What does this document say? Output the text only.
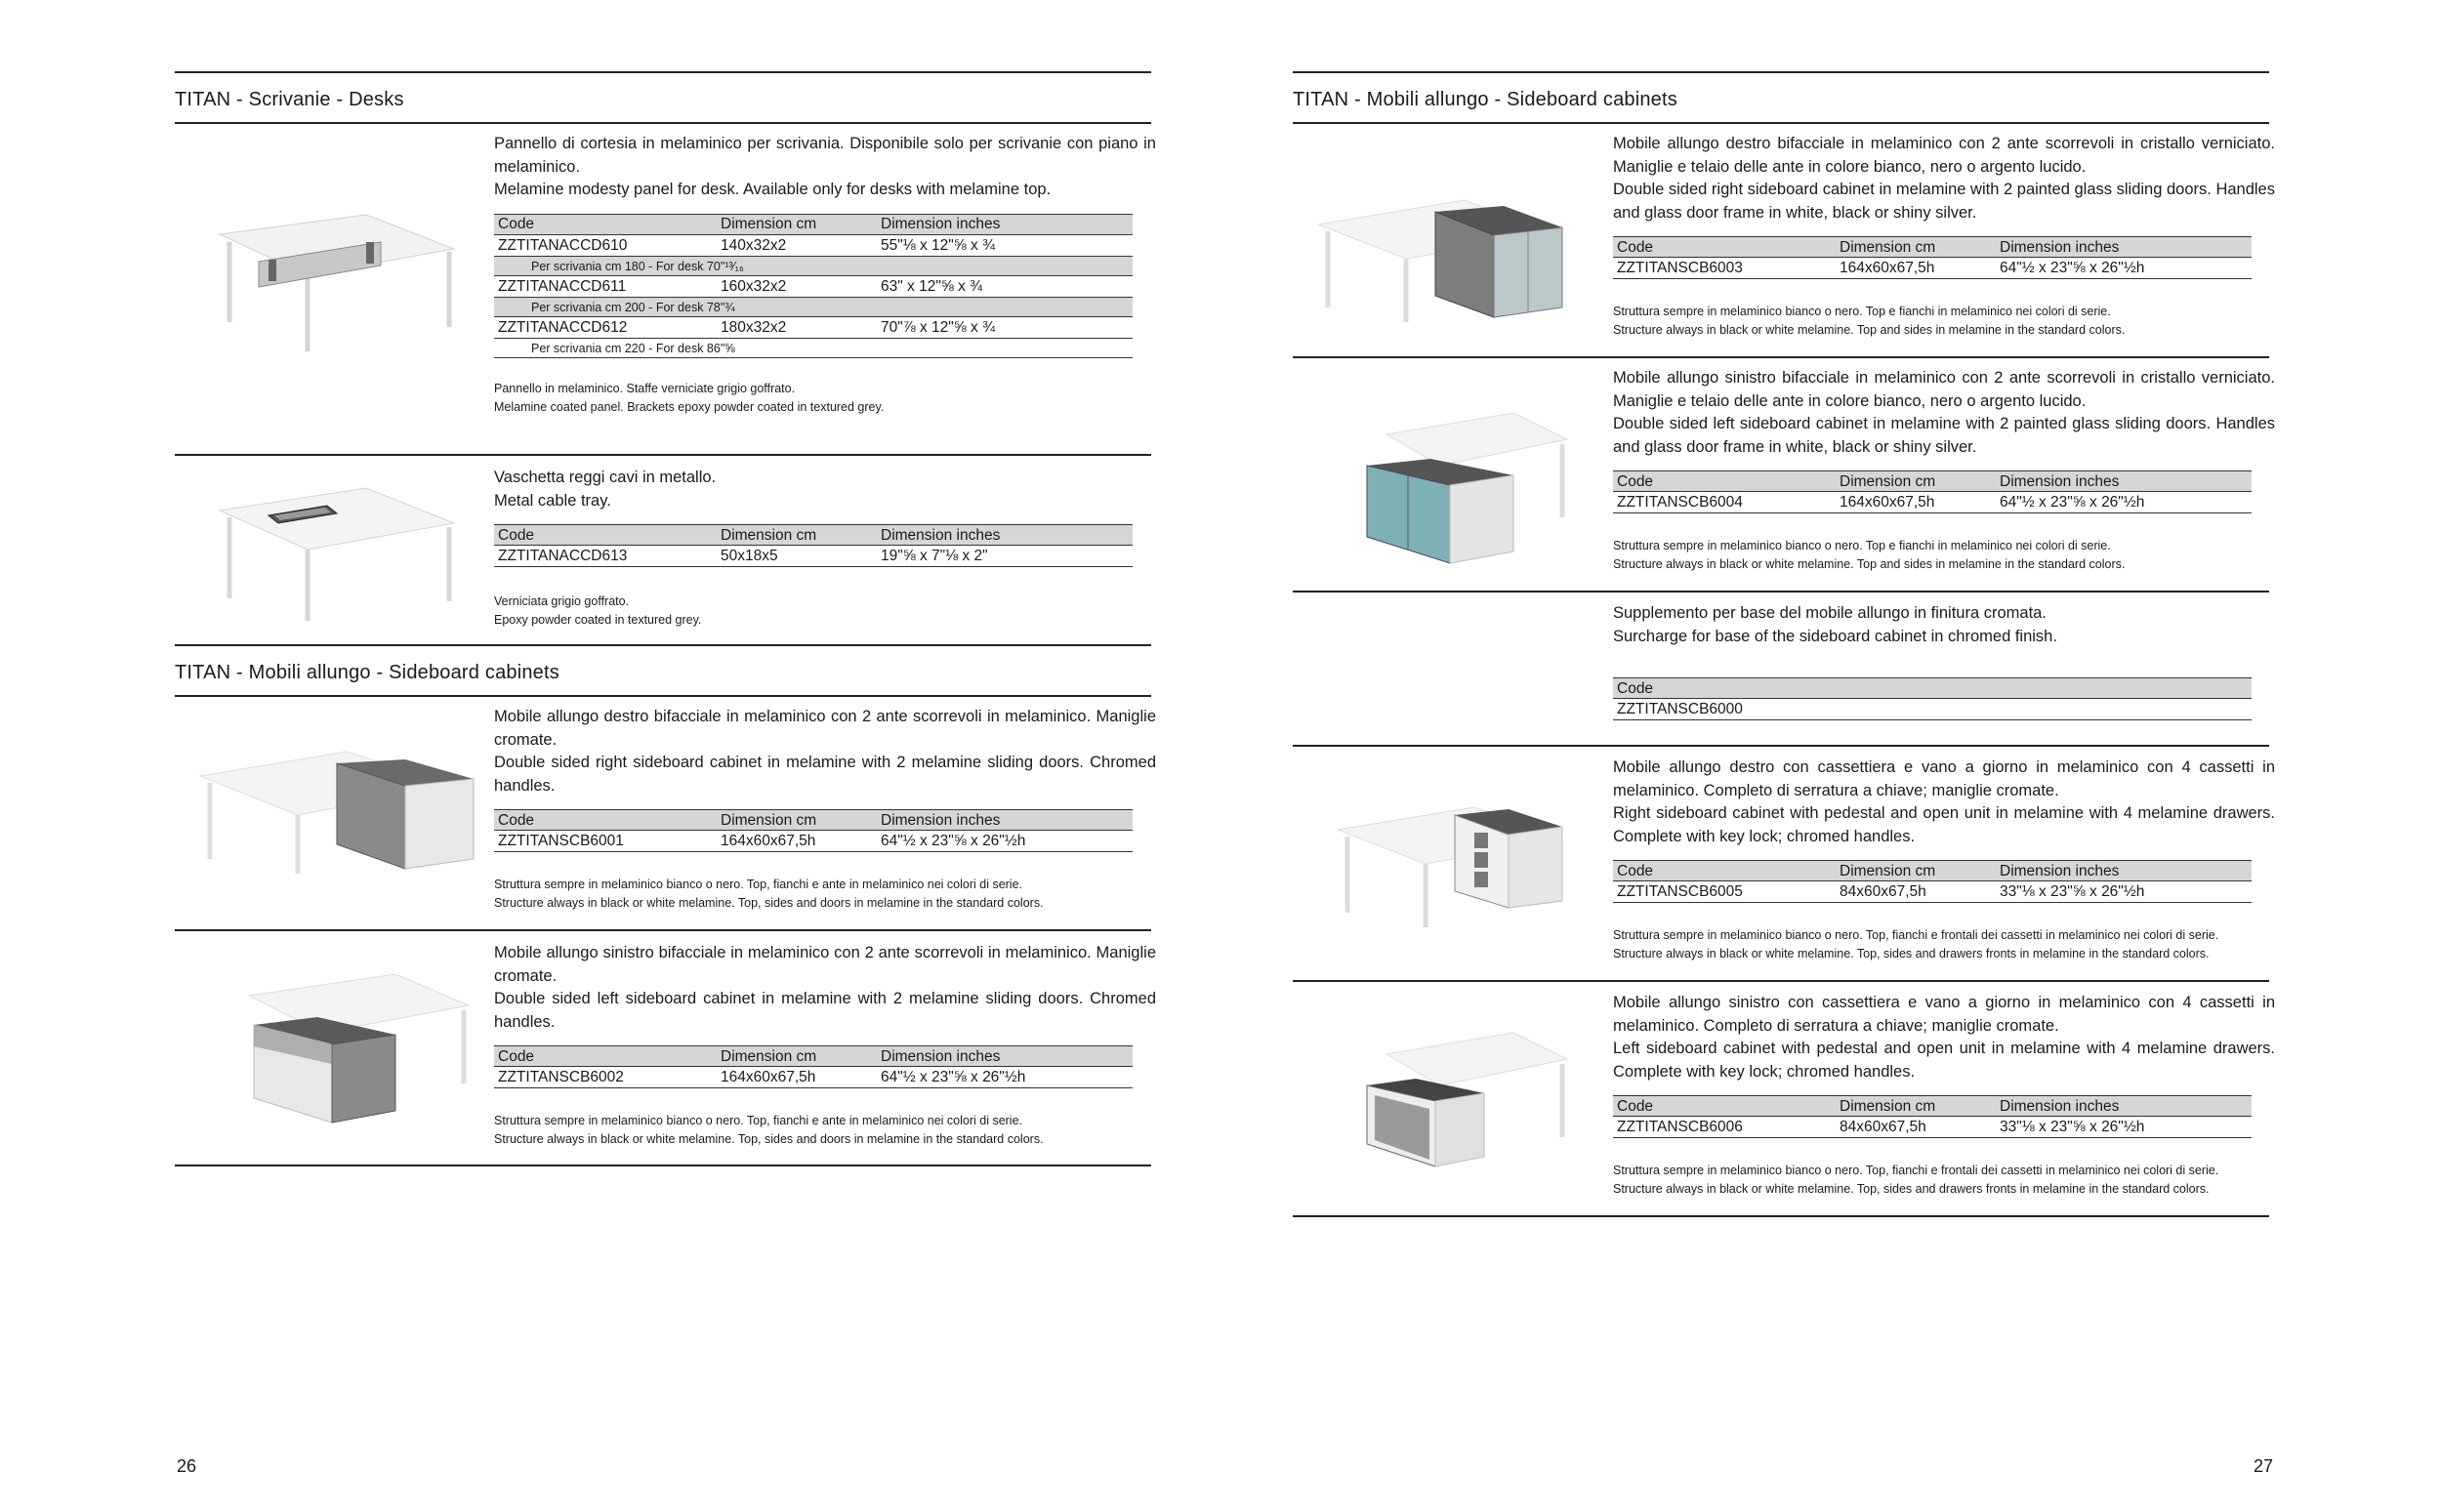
TITAN - Scrivanie - Desks

Pannello di cortesia in melaminico per scrivania. Disponibile solo per scrivanie con piano in melaminico.

Melamine modesty panel for desk. Available only for desks with melamine top.

Code	Dimension cm	Dimension inches
ZZTITANACCD610	140x32x2	55"⅛ x 12"⅝ x ¾
Per scrivania cm 180 - For desk 70"¹³⁄₁₆		
ZZTITANACCD611	160x32x2	63" x 12"⅝ x ¾
Per scrivania cm 200 - For desk 78"¾		
ZZTITANACCD612	180x32x2	70"⅞ x 12"⅝ x ¾
Per scrivania cm 220 - For desk 86"⅝		
Pannello in melaminico. Staffe verniciate grigio goffrato.
Melamine coated panel. Brackets epoxy powder coated in textured grey.

Vaschetta reggi cavi in metallo.

Metal cable tray.

Code	Dimension cm	Dimension inches
ZZTITANACCD613	50x18x5	19"⅝ x 7"⅛ x 2"
Verniciata grigio goffrato.
Epoxy powder coated in textured grey.
TITAN - Mobili allungo - Sideboard cabinets

Mobile allungo destro bifacciale in melaminico con 2 ante scorrevoli in melaminico. Maniglie cromate.

Double sided right sideboard cabinet in melamine with 2 melamine sliding doors. Chromed handles.

Code	Dimension cm	Dimension inches
ZZTITANSCB6001	164x60x67,5h	64"½ x 23"⅝ x 26"½h
Struttura sempre in melaminico bianco o nero. Top, fianchi e ante in melaminico nei colori di serie.
Structure always in black or white melamine. Top, sides and doors in melamine in the standard colors.

Mobile allungo sinistro bifacciale in melaminico con 2 ante scorrevoli in melaminico. Maniglie cromate.

Double sided left sideboard cabinet in melamine with 2 melamine sliding doors. Chromed handles.

Code	Dimension cm	Dimension inches
ZZTITANSCB6002	164x60x67,5h	64"½ x 23"⅝ x 26"½h
Struttura sempre in melaminico bianco o nero. Top, fianchi e ante in melaminico nei colori di serie.
Structure always in black or white melamine. Top, sides and doors in melamine in the standard colors.
26
TITAN - Mobili allungo - Sideboard cabinets

Mobile allungo destro bifacciale in melaminico con 2 ante scorrevoli in cristallo verniciato. Maniglie e telaio delle ante in colore bianco, nero o argento lucido.

Double sided right sideboard cabinet in melamine with 2 painted glass sliding doors. Handles and glass door frame in white, black or shiny silver.

Code	Dimension cm	Dimension inches
ZZTITANSCB6003	164x60x67,5h	64"½ x 23"⅝ x 26"½h
Struttura sempre in melaminico bianco o nero. Top e fianchi in melaminico nei colori di serie.
Structure always in black or white melamine. Top and sides in melamine in the standard colors.

Mobile allungo sinistro bifacciale in melaminico con 2 ante scorrevoli in cristallo verniciato. Maniglie e telaio delle ante in colore bianco, nero o argento lucido.

Double sided left sideboard cabinet in melamine with 2 painted glass sliding doors. Handles and glass door frame in white, black or shiny silver.

Code	Dimension cm	Dimension inches
ZZTITANSCB6004	164x60x67,5h	64"½ x 23"⅝ x 26"½h
Struttura sempre in melaminico bianco o nero. Top e fianchi in melaminico nei colori di serie.
Structure always in black or white melamine. Top and sides in melamine in the standard colors.

Supplemento per base del mobile allungo in finitura cromata.

Surcharge for base of the sideboard cabinet in chromed finish.

Code
ZZTITANSCB6000

Mobile allungo destro con cassettiera e vano a giorno in melaminico con 4 cassetti in melaminico. Completo di serratura a chiave; maniglie cromate.

Right sideboard cabinet with pedestal and open unit in melamine with 4 melamine drawers. Complete with key lock; chromed handles.

Code	Dimension cm	Dimension inches
ZZTITANSCB6005	84x60x67,5h	33"⅛ x 23"⅝ x 26"½h
Struttura sempre in melaminico bianco o nero. Top, fianchi e frontali dei cassetti in melaminico nei colori di serie.
Structure always in black or white melamine. Top, sides and drawers fronts in melamine in the standard colors.

Mobile allungo sinistro con cassettiera e vano a giorno in melaminico con 4 cassetti in melaminico. Completo di serratura a chiave; maniglie cromate.

Left sideboard cabinet with pedestal and open unit in melamine with 4 melamine drawers. Complete with key lock; chromed handles.

Code	Dimension cm	Dimension inches
ZZTITANSCB6006	84x60x67,5h	33"⅛ x 23"⅝ x 26"½h
Struttura sempre in melaminico bianco o nero. Top, fianchi e frontali dei cassetti in melaminico nei colori di serie.
Structure always in black or white melamine. Top, sides and drawers fronts in melamine in the standard colors.
27
